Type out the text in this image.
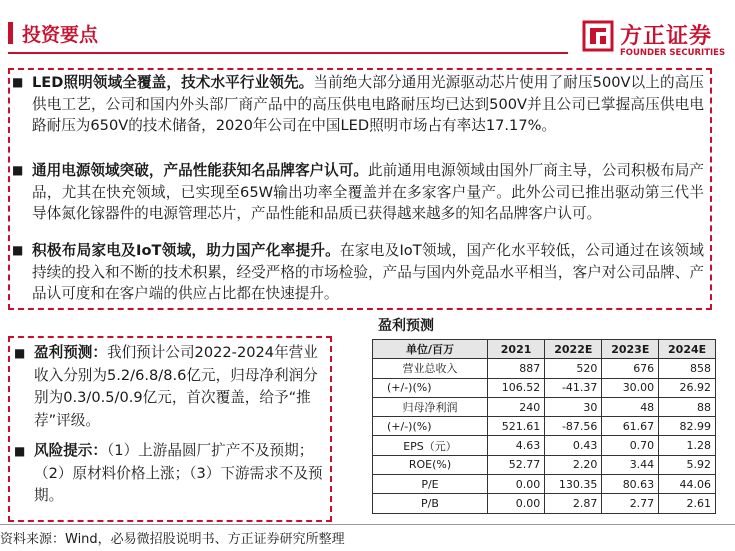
投资要点	方正证券
FOUNDER SECURITIES
■ LED照明领域全覆盖，技术水平行业领先。当前绝大部分通用光源驱动芯片使用了耐压500V以上的高压供电工艺，公司和国内外头部厂商产品中的高压供电电路耐压均已达到500V并且公司已掌握高压供电电路耐压为650V的技术储备，2020年公司在中国LED照明市场占有率达17.17%。
■ 通用电源领域突破，产品性能获知名品牌客户认可。此前通用电源领域由国外厂商主导，公司积极布局产品，尤其在快充领域，已实现至65W输出功率全覆盖并在多家客户量产。此外公司已推出驱动第三代半导体氮化镓器件的电源管理芯片，产品性能和品质已获得越来越多的知名品牌客户认可。
■ 积极布局家电及IoT领域，助力国产化率提升。在家电及IoT领域，国产化水平较低，公司通过在该领域持续的投入和不断的技术积累，经受严格的市场检验，产品与国内外竞品水平相当，客户对公司品牌、产品认可度和在客户端的供应占比都在快速提升。
■ 盈利预测：我们预计公司2022-2024年营业收入分别为5.2/6.8/8.6亿元，归母净利润分别为0.3/0.5/0.9亿元，首次覆盖，给予“推荐”评级。
■ 风险提示：（1）上游晶圆厂扩产不及预期；（2）原材料价格上涨；（3）下游需求不及预期。
盈利预测
单位/百万	2021	2022E	2023E	2024E
营业总收入	887	520	676	858
(+/-)(%)	106.52	-41.37	30.00	26.92
归母净利润	240	30	48	88
(+/-)(%)	521.61	-87.56	61.67	82.99
EPS（元）	4.63	0.43	0.70	1.28
ROE(%)	52.77	2.20	3.44	5.92
P/E	0.00	130.35	80.63	44.06
P/B	0.00	2.87	2.77	2.61
资料来源：Wind，必易微招股说明书、方正证券研究所整理
